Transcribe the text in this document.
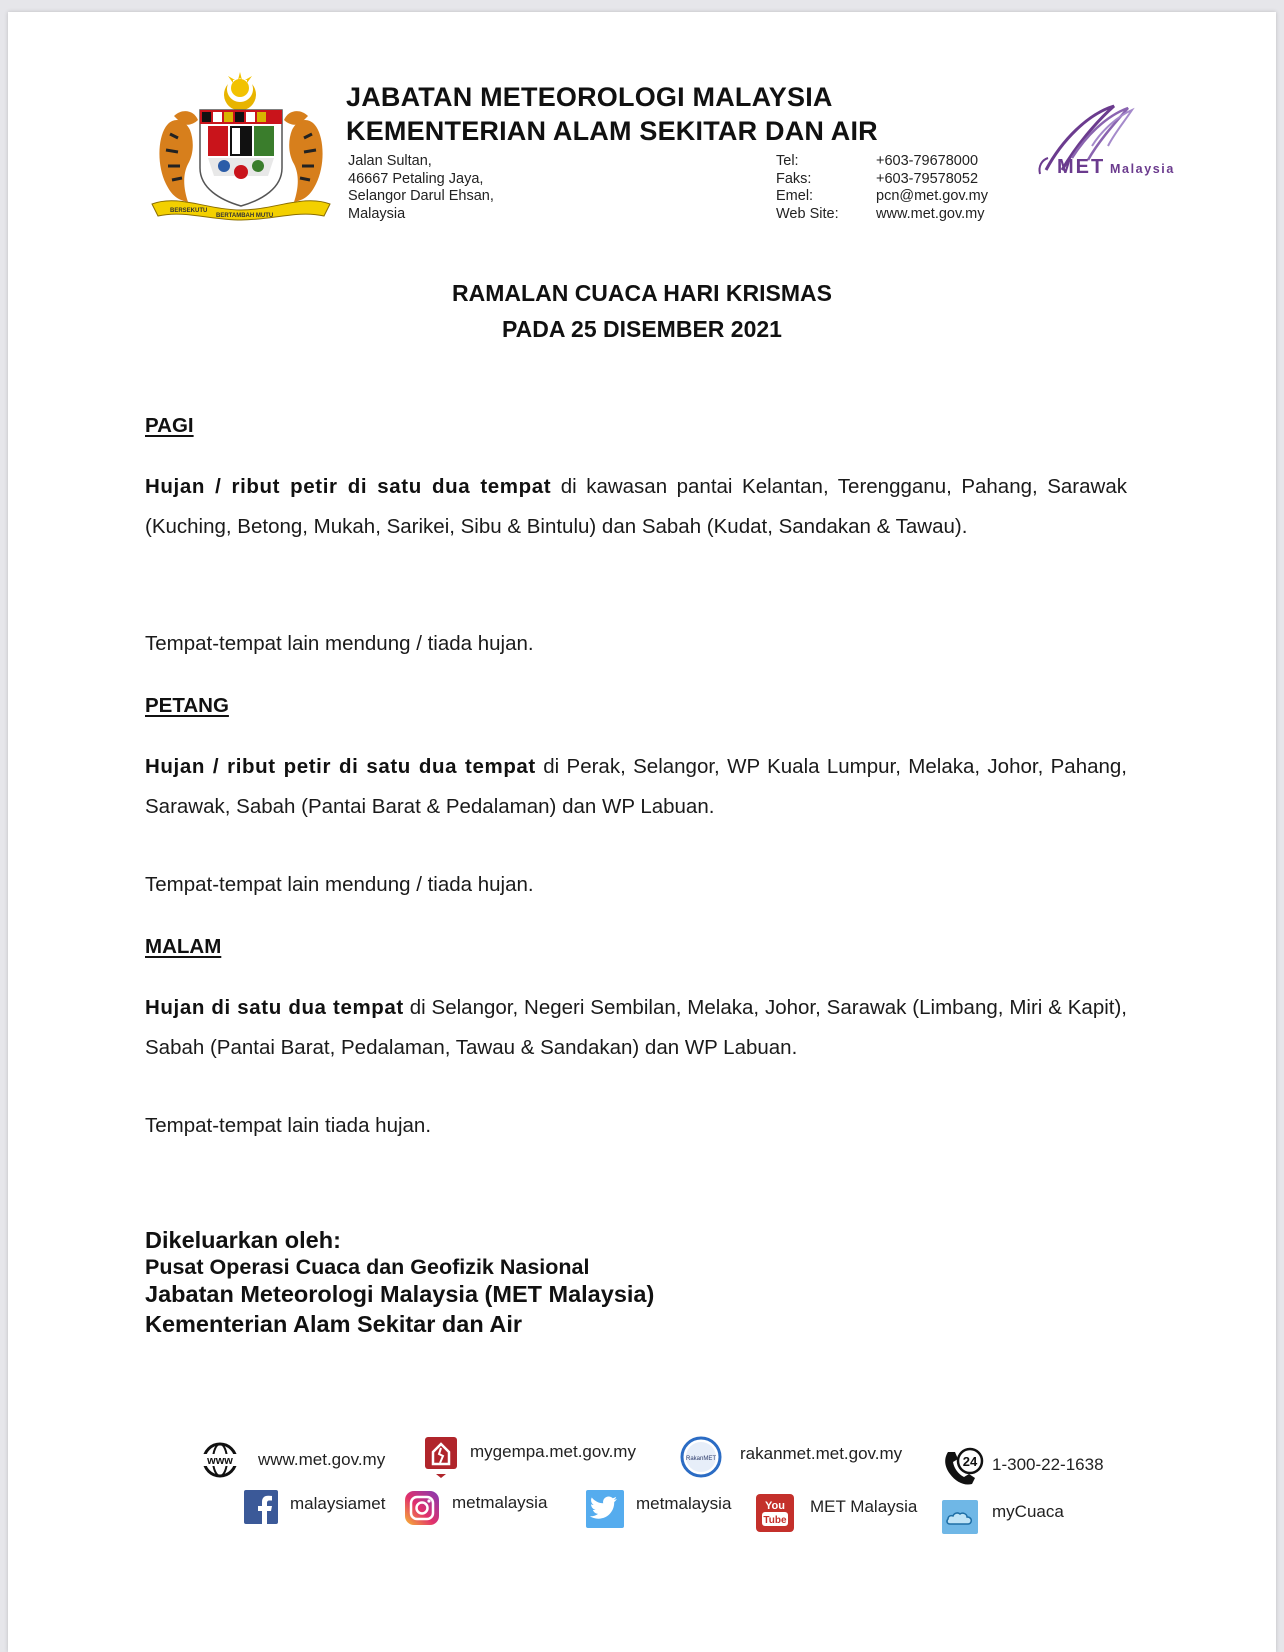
BERSEKUTU
BERTAMBAH MUTU
JABATAN METEOROLOGI MALAYSIA
KEMENTERIAN ALAM SEKITAR DAN AIR
Jalan Sultan,
46667 Petaling Jaya,
Selangor Darul Ehsan,
Malaysia
Tel:	+603-79678000
Faks:	+603-79578052
Emel:	pcn@met.gov.my
Web Site:	www.met.gov.my
MET Malaysia
RAMALAN CUACA HARI KRISMAS
PADA 25 DISEMBER 2021
PAGI
Hujan / ribut petir di satu dua tempat di kawasan pantai Kelantan, Terengganu, Pahang, Sarawak (Kuching, Betong, Mukah, Sarikei, Sibu & Bintulu) dan Sabah (Kudat, Sandakan & Tawau).
Tempat-tempat lain mendung / tiada hujan.
PETANG
Hujan / ribut petir di satu dua tempat di Perak, Selangor, WP Kuala Lumpur, Melaka, Johor, Pahang, Sarawak, Sabah (Pantai Barat & Pedalaman) dan WP Labuan.
Tempat-tempat lain mendung / tiada hujan.
MALAM
Hujan di satu dua tempat di Selangor, Negeri Sembilan, Melaka, Johor, Sarawak (Limbang, Miri & Kapit), Sabah (Pantai Barat, Pedalaman, Tawau & Sandakan) dan WP Labuan.
Tempat-tempat lain tiada hujan.
Dikeluarkan oleh:
Pusat Operasi Cuaca dan Geofizik Nasional
Jabatan Meteorologi Malaysia (MET Malaysia)
Kementerian Alam Sekitar dan Air
www www.met.gov.my	mygempa.met.gov.my	RakanMET rakanmet.met.gov.my	24 1-300-22-1638
malaysiamet	metmalaysia	metmalaysia	You
Tube
MET Malaysia	myCuaca
